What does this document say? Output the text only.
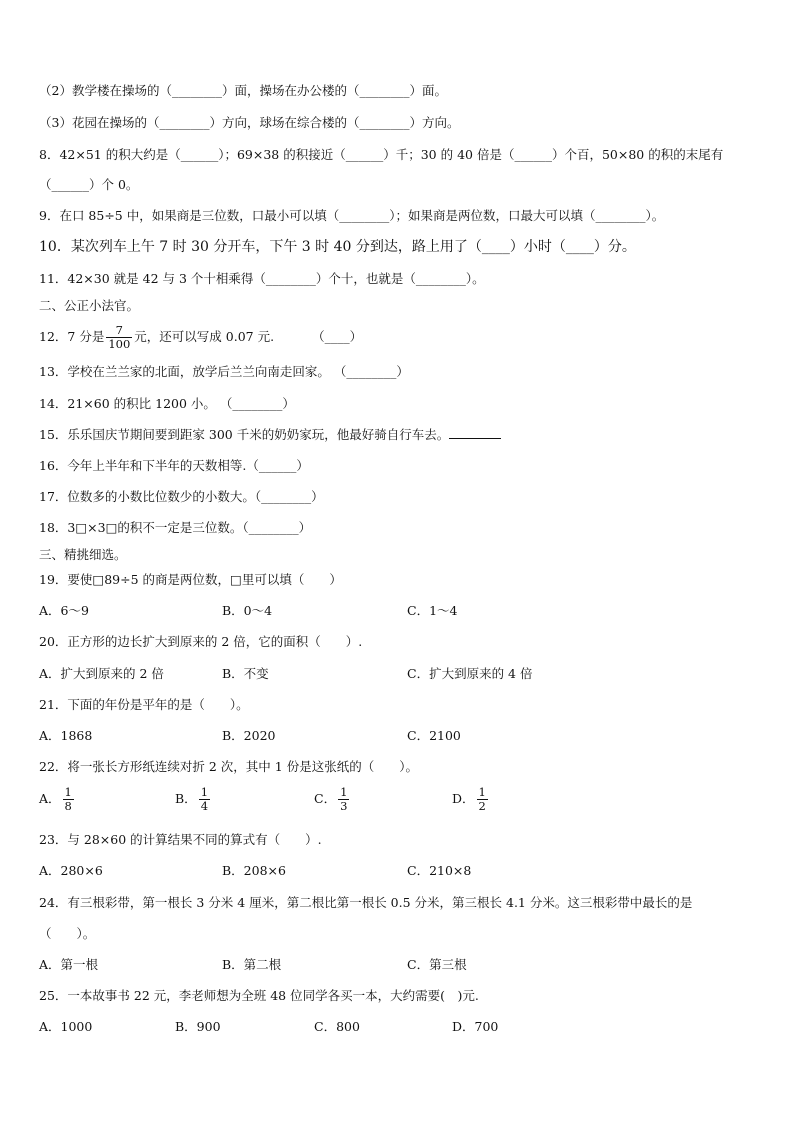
（2）教学楼在操场的（________）面，操场在办公楼的（________）面。
（3）花园在操场的（________）方向，球场在综合楼的（________）方向。
8．42×51 的积大约是（______）；69×38 的积接近（______）千；30 的 40 倍是（______）个百，50×80 的积的末尾有
（______）个 0。
9．在口 85÷5 中，如果商是三位数，口最小可以填（________）；如果商是两位数，口最大可以填（________）。
10．某次列车上午 7 时 30 分开车，下午 3 时 40 分到达，路上用了（____）小时（____）分。
11．42×30 就是 42 与 3 个十相乘得（________）个十，也就是（________）。
二、公正小法官。
12．7 分是 $\frac{7}{100}$ 元，还可以写成 0.07 元.	（____）
13．学校在兰兰家的北面，放学后兰兰向南走回家。 （________）
14．21×60 的积比 1200 小。 （________）
15．乐乐国庆节期间要到距家 300 千米的奶奶家玩，他最好骑自行车去。
16．今年上半年和下半年的天数相等.（______）
17．位数多的小数比位数少的小数大。（________）
18．3□×3□的积不一定是三位数。（________）
三、精挑细选。
19．要使□89÷5 的商是两位数，□里可以填（　　）
A．6～9	B．0～4	C．1～4
20．正方形的边长扩大到原来的 2 倍，它的面积（　　）.
A．扩大到原来的 2 倍	B．不变	C．扩大到原来的 4 倍
21．下面的年份是平年的是（　　）。
A．1868	B．2020	C．2100
22．将一张长方形纸连续对折 2 次，其中 1 份是这张纸的（　　）。
A． $\frac{1}{8}$	B． $\frac{1}{4}$	C． $\frac{1}{3}$	D． $\frac{1}{2}$
23．与 28×60 的计算结果不同的算式有（　　）.
A．280×6	B．208×6	C．210×8
24．有三根彩带，第一根长 3 分米 4 厘米，第二根比第一根长 0.5 分米，第三根长 4.1 分米。这三根彩带中最长的是
（　　）。
A．第一根	B．第二根	C．第三根
25．一本故事书 22 元，李老师想为全班 48 位同学各买一本，大约需要(　)元.
A．1000	B．900	C．800	D．700
